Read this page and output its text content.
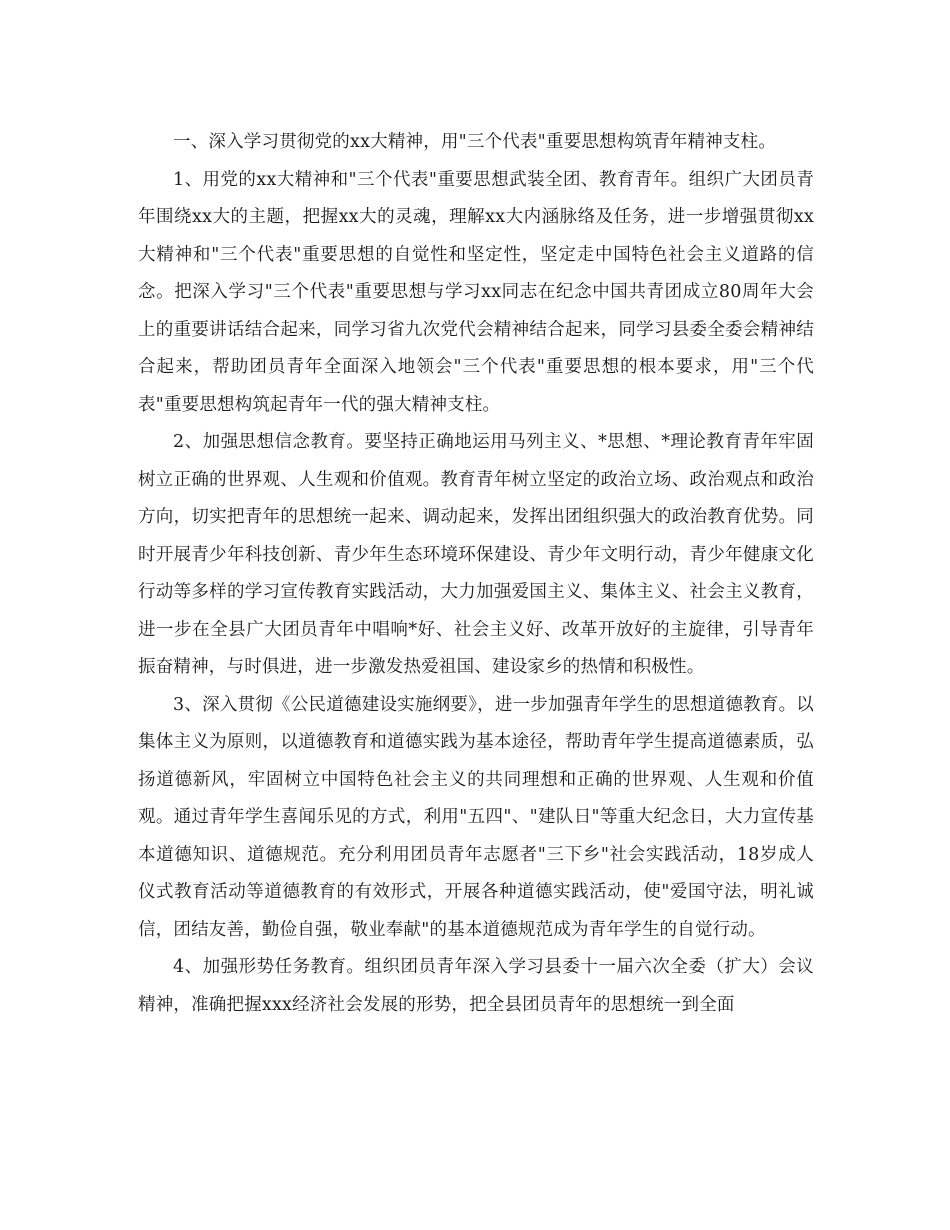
一、深入学习贯彻党的xx大精神，用"三个代表"重要思想构筑青年精神支柱。

1、用党的xx大精神和"三个代表"重要思想武装全团、教育青年。组织广大团员青年围绕xx大的主题，把握xx大的灵魂，理解xx大内涵脉络及任务，进一步增强贯彻xx大精神和"三个代表"重要思想的自觉性和坚定性，坚定走中国特色社会主义道路的信念。把深入学习"三个代表"重要思想与学习xx同志在纪念中国共青团成立80周年大会上的重要讲话结合起来，同学习省九次党代会精神结合起来，同学习县委全委会精神结合起来，帮助团员青年全面深入地领会"三个代表"重要思想的根本要求，用"三个代表"重要思想构筑起青年一代的强大精神支柱。

2、加强思想信念教育。要坚持正确地运用马列主义、*思想、*理论教育青年牢固树立正确的世界观、人生观和价值观。教育青年树立坚定的政治立场、政治观点和政治方向，切实把青年的思想统一起来、调动起来，发挥出团组织强大的政治教育优势。同时开展青少年科技创新、青少年生态环境环保建设、青少年文明行动，青少年健康文化行动等多样的学习宣传教育实践活动，大力加强爱国主义、集体主义、社会主义教育，进一步在全县广大团员青年中唱响*好、社会主义好、改革开放好的主旋律，引导青年振奋精神，与时俱进，进一步激发热爱祖国、建设家乡的热情和积极性。

3、深入贯彻《公民道德建设实施纲要》，进一步加强青年学生的思想道德教育。以集体主义为原则，以道德教育和道德实践为基本途径，帮助青年学生提高道德素质，弘扬道德新风，牢固树立中国特色社会主义的共同理想和正确的世界观、人生观和价值观。通过青年学生喜闻乐见的方式，利用"五四"、"建队日"等重大纪念日，大力宣传基本道德知识、道德规范。充分利用团员青年志愿者"三下乡"社会实践活动，18岁成人仪式教育活动等道德教育的有效形式，开展各种道德实践活动，使"爱国守法，明礼诚信，团结友善，勤俭自强，敬业奉献"的基本道德规范成为青年学生的自觉行动。

4、加强形势任务教育。组织团员青年深入学习县委十一届六次全委（扩大）会议精神，准确把握xxx经济社会发展的形势，把全县团员青年的思想统一到全面
